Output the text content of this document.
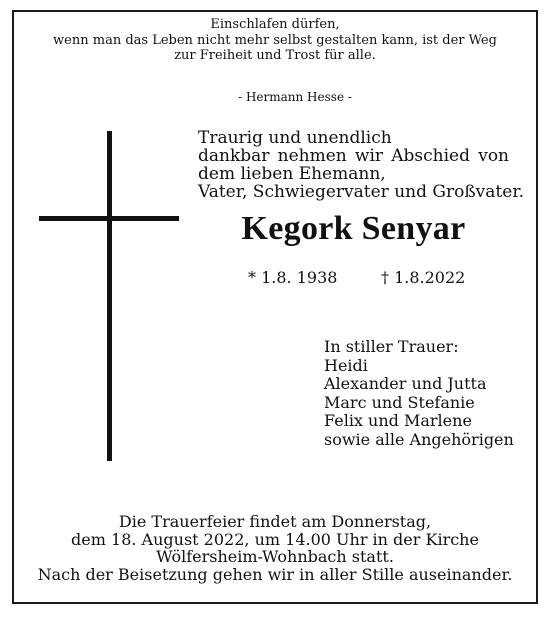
Einschlafen dürfen,
wenn man das Leben nicht mehr selbst gestalten kann, ist der Weg
zur Freiheit und Trost für alle.
- Hermann Hesse -
Traurig und unendlich
dankbar nehmen wir Abschied von
dem lieben Ehemann,
Vater, Schwiegervater und Großvater.
Kegork Senyar
* 1.8. 1938	† 1.8.2022
In stiller Trauer:
Heidi
Alexander und Jutta
Marc und Stefanie
Felix und Marlene
sowie alle Angehörigen
Die Trauerfeier findet am Donnerstag,
dem 18. August 2022, um 14.00 Uhr in der Kirche
Wölfersheim-Wohnbach statt.
Nach der Beisetzung gehen wir in aller Stille auseinander.
